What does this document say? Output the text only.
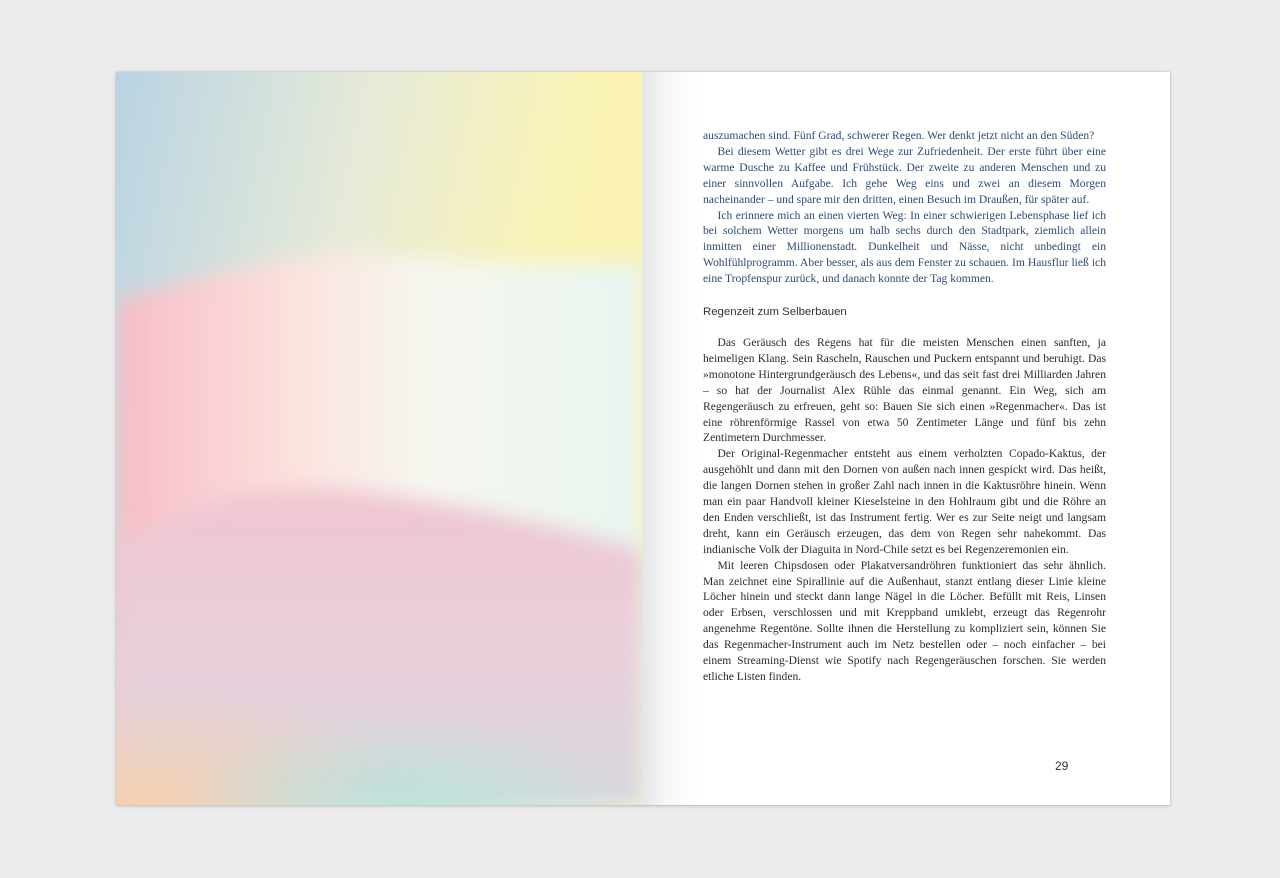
auszumachen sind. Fünf Grad, schwerer Regen. Wer denkt jetzt nicht an den Süden?

Bei diesem Wetter gibt es drei Wege zur Zufriedenheit. Der erste führt über eine warme Dusche zu Kaffee und Frühstück. Der zweite zu anderen Menschen und zu einer sinnvollen Aufgabe. Ich gehe Weg eins und zwei an diesem Morgen nacheinander – und spare mir den dritten, einen Besuch im Draußen, für später auf.

Ich erinnere mich an einen vierten Weg: In einer schwierigen Lebensphase lief ich bei solchem Wetter morgens um halb sechs durch den Stadtpark, ziemlich allein inmitten einer Millionenstadt. Dunkelheit und Nässe, nicht unbedingt ein Wohlfühlprogramm. Aber besser, als aus dem Fenster zu schauen. Im Hausflur ließ ich eine Tropfenspur zurück, und danach konnte der Tag kommen.

Regenzeit zum Selberbauen

Das Geräusch des Regens hat für die meisten Menschen einen sanften, ja heimeligen Klang. Sein Rascheln, Rauschen und Puckern entspannt und beruhigt. Das »monotone Hintergrundgeräusch des Lebens«, und das seit fast drei Milliarden Jahren – so hat der Journalist Alex Rühle das einmal genannt. Ein Weg, sich am Regengeräusch zu erfreuen, geht so: Bauen Sie sich einen »Regenmacher«. Das ist eine röhrenförmige Rassel von etwa 50 Zentimeter Länge und fünf bis zehn Zentimetern Durchmesser.

Der Original-Regenmacher entsteht aus einem verholzten Copado-Kaktus, der ausgehöhlt und dann mit den Dornen von außen nach innen gespickt wird. Das heißt, die langen Dornen stehen in großer Zahl nach innen in die Kaktusröhre hinein. Wenn man ein paar Handvoll kleiner Kieselsteine in den Hohlraum gibt und die Röhre an den Enden verschließt, ist das Instrument fertig. Wer es zur Seite neigt und langsam dreht, kann ein Geräusch erzeugen, das dem von Regen sehr nahekommt. Das indianische Volk der Diaguita in Nord-Chile setzt es bei Regenzeremonien ein.

Mit leeren Chipsdosen oder Plakatversandröhren funktioniert das sehr ähnlich. Man zeichnet eine Spirallinie auf die Außenhaut, stanzt entlang dieser Linie kleine Löcher hinein und steckt dann lange Nägel in die Löcher. Befüllt mit Reis, Linsen oder Erbsen, verschlossen und mit Kreppband umklebt, erzeugt das Regenrohr angenehme Regentöne. Sollte ihnen die Herstellung zu kompliziert sein, können Sie das Regenmacher-Instrument auch im Netz bestellen oder – noch einfacher – bei einem Streaming-Dienst wie Spotify nach Regengeräuschen forschen. Sie werden etliche Listen finden.

29
